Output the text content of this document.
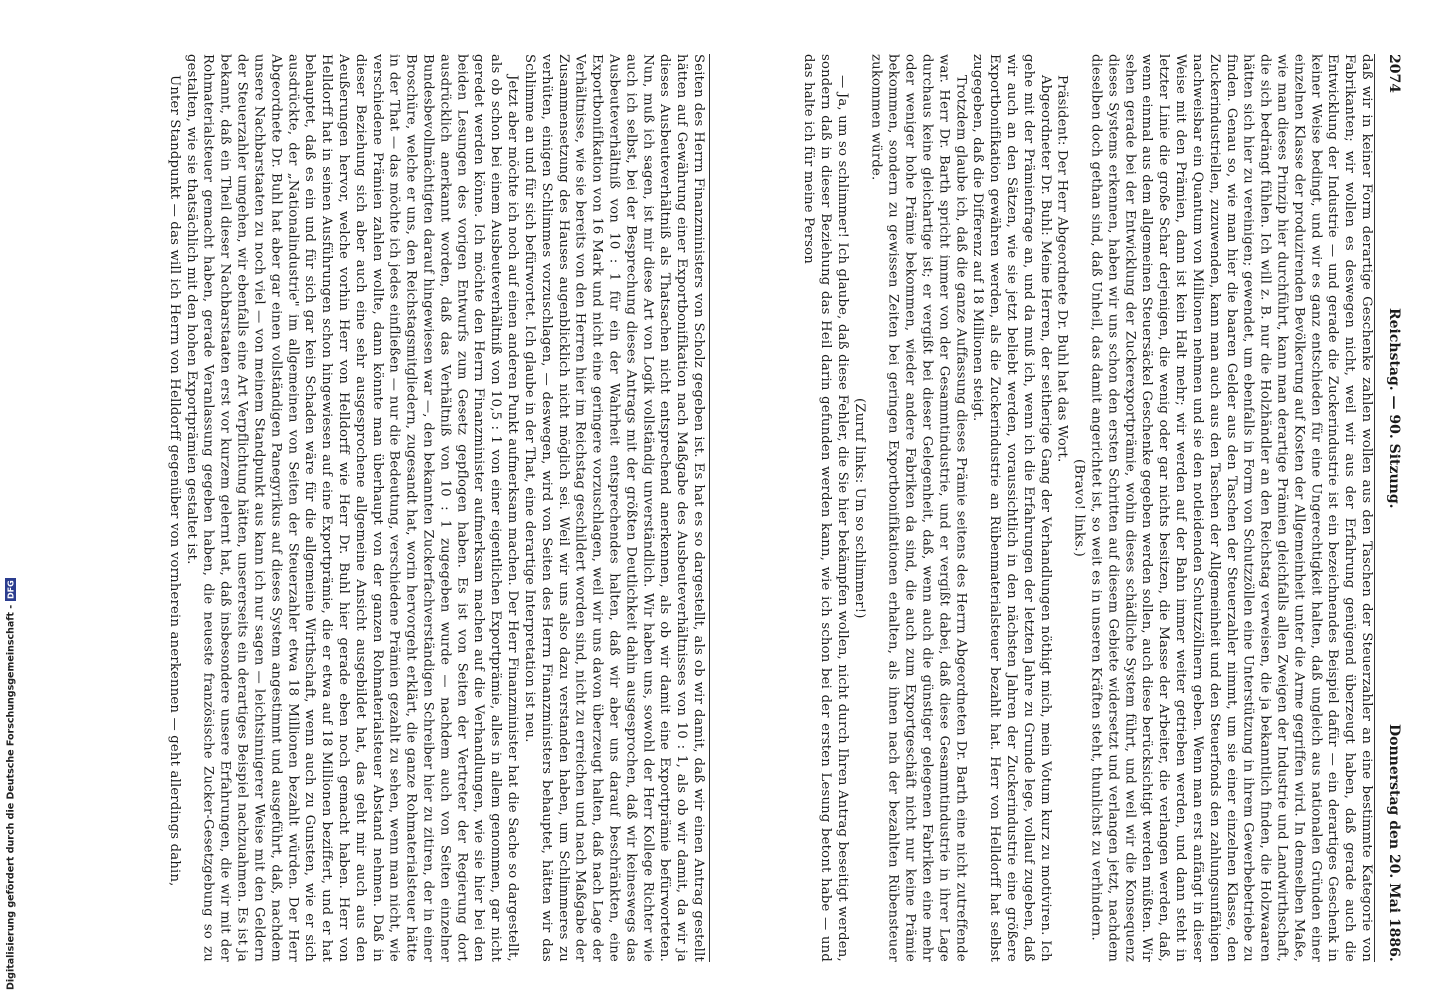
Digitalisierung gefördert durch die Deutsche Forschungsgemeinschaft -
DFG
2074
Reichstag. — 90. Sitzung.
Donnerstag den 20. Mai 1886.

daß wir in keiner Form derartige Geschenke zahlen wollen aus den Taschen der Steuerzahler an eine bestimmte Kategorie von Fabrikanten; wir wollen es deswegen nicht, weil wir aus der Erfahrung genügend überzeugt haben, daß gerade auch die Entwicklung der Industrie — und gerade die Zuckerindustrie ist ein bezeichnendes Beispiel dafür — ein derartiges Geschenk in keiner Weise bedingt, und wir es ganz entschieden für eine Ungerechtigkeit halten, daß ungleich aus nationalen Gründen einer einzelnen Klasse der produzirenden Bevölkerung auf Kosten der Allgemeinheit unter die Arme gegriffen wird. In demselben Maße, wie man dieses Prinzip hier durchführt, kann man derartige Prämien gleichfalls allen Zweigen der Industrie und Landwirthschaft, die sich bedrängt fühlen. Ich will z. B. nur die Holzhändler an den Reichstag verweisen, die ja bekanntlich finden, die Holzwaaren hätten sich hier zu vereinigen; gewendet, um ebenfalls in Form von Schutzzöllen eine Unterstützung in ihrem Gewerbebetriebe zu finden. Genau so, wie man hier die baaren Gelder aus den Taschen der Steuerzahler nimmt, um sie einer einzelnen Klasse, den Zuckerindustriellen, zuzuwenden, kann man auch aus den Taschen der Allgemeinheit und den Steuerfonds den zahlungsunfähigen nachweisbar ein Quantum von Millionen nehmen und sie den notleidenden Schutzzöllnern geben. Wenn man erst anfängt in dieser Weise mit den Prämien, dann ist kein Halt mehr; wir werden auf der Bahn immer weiter getrieben werden, und dann steht in letzter Linie die große Schar derjenigen, die wenig oder gar nichts besitzen, die Masse der Arbeiter, die verlangen werden, daß, wenn einmal aus dem allgemeinen Steuersäckel Geschenke gegeben werden sollen, auch diese berücksichtigt werden müßten. Wir sehen gerade bei der Entwicklung der Zuckerexportprämie, wohin dieses schädliche System führt, und weil wir die Konsequenz dieses Systems erkennen, haben wir uns schon den ersten Schritten auf diesem Gebiete widersetzt und verlangen jetzt, nachdem dieselben doch gethan sind, daß Unheil, das damit angerichtet ist, so weit es in unseren Kräften steht, thunlichst zu verhindern.

(Bravo! links.)

Präsident: Der Herr Abgeordnete Dr. Buhl hat das Wort.

Abgeordneter Dr. Buhl: Meine Herren, der seitherige Gang der Verhandlungen nöthigt mich, mein Votum kurz zu motiviren. Ich gehe mit der Prämienfrage an, und da muß ich, wenn ich die Erfahrungen der letzten Jahre zu Grunde lege, vollauf zugeben, daß wir auch an den Sätzen, wie sie jetzt beliebt werden, voraussichtlich in den nächsten Jahren der Zuckerindustrie eine größere Exportbonifikation gewähren werden, als die Zuckerindustrie an Rübenmaterialsteuer bezahlt hat. Herr von Helldorff hat selbst zugegeben, daß die Differenz auf 18 Millionen steigt.

Trotzdem glaube ich, daß die ganze Auffassung dieses Prämie seitens des Herrn Abgeordneten Dr. Barth eine nicht zutreffende war. Herr Dr. Barth spricht immer von der Gesammtindustrie, und er vergißt dabei, daß diese Gesammtindustrie in ihrer Lage durchaus keine gleichartige ist; er vergißt bei dieser Gelegenheit, daß, wenn auch die günstiger gelegenen Fabriken eine mehr oder weniger hohe Prämie bekommen, wieder andere Fabriken da sind, die auch zum Exportgeschäft nicht nur keine Prämie bekommen, sondern zu gewissen Zeiten bei geringen Exportbonifikationen erhalten, als ihnen nach der bezahlten Rübensteuer zukommen würde.

(Zuruf links: Um so schlimmer!)

— Ja, um so schlimmer! Ich glaube, daß diese Fehler, die Sie hier bekämpfen wollen, nicht durch Ihren Antrag beseitigt werden, sondern daß in dieser Beziehung das Heil darin gefunden werden kann, wie ich schon bei der ersten Lesung betont habe — und das halte ich für meine Person

Seiten des Herrn Finanzministers von Scholz gegeben ist. Es hat es so dargestellt, als ob wir damit, daß wir einen Antrag gestellt hätten auf Gewährung einer Exportbonifikation nach Maßgabe des Ausbeuteverhältnisses von 10 : 1, als ob wir damit, da wir ja dieses Ausbeuteverhältniß als Thatsachen nicht entsprechend anerkennen, als ob wir damit eine Exportprämie befürworteten. Nun, muß ich sagen, ist mir diese Art von Logik vollständig unverständlich. Wir haben uns, sowohl der Herr Kollege Richter wie auch ich selbst, bei der Besprechung dieses Antrags mit der größten Deutlichkeit dahin ausgesprochen, daß wir keineswegs das Ausbeuteverhältniß von 10 : 1 für ein der Wahrheit entsprechendes halten, daß wir aber uns darauf beschränkten, eine Exportbonifikation von 16 Mark und nicht eine geringere vorzuschlagen, weil wir uns davon überzeugt halten, daß nach Lage der Verhältnisse, wie sie bereits von den Herren hier im Reichstag geschildert worden sind, nicht zu erreichen und nach Maßgabe der Zusammensetzung des Hauses augenblicklich nicht möglich sei. Weil wir uns also dazu verstanden haben, um Schlimmeres zu verhüten, einigen Schlimmes vorzuschlagen, — deswegen, wird von Seiten des Herrn Finanzministers behauptet, hätten wir das Schlimme an und für sich befürwortet. Ich glaube in der That, eine derartige Interpretation ist neu.

Jetzt aber möchte ich noch auf einen anderen Punkt aufmerksam machen. Der Herr Finanzminister hat die Sache so dargestellt, als ob schon bei einem Ausbeuteverhältniß von 10,5 : 1 von einer eigentlichen Exportprämie, alles in allem genommen, gar nicht geredet werden könne. Ich möchte den Herrn Finanzminister aufmerksam machen auf die Verhandlungen, wie sie hier bei den beiden Lesungen des vorigen Entwurfs zum Gesetz gepflogen haben. Es ist von Seiten der Vertreter der Regierung dort ausdrücklich anerkannt worden, daß das Verhältniß von 10 : 1 zugegeben wurde — nachdem auch von Seiten einzelner Bundesbevollmächtigten darauf hingewiesen war —, den bekannten Zuckerfachverständigen Schreiber hier zu zitiren, der in einer Broschüre, welche er uns, den Reichstagsmitgliedern, zugesandt hat, worin hervorgeht erklärt, die ganze Rohmaterialsteuer hätte in der That — das möchte ich jedes einfließen — nur die Bedeutung, verschiedene Prämien gezahlt zu sehen, wenn man nicht, wie verschiedene Prämien zahlen wollte, dann könnte man überhaupt von der ganzen Rohmaterialsteuer Abstand nehmen. Daß in dieser Beziehung sich aber auch eine sehr ausgesprochene allgemeine Ansicht ausgebildet hat, das geht mir auch aus den Aeußerungen hervor, welche vorhin Herr von Helldorff wie Herr Dr. Buhl hier gerade eben noch gemacht haben. Herr von Helldorff hat in seinen Ausführungen schon hingewiesen auf eine Exportprämie, die er etwa auf 18 Millionen beziffert, und er hat behauptet, daß es ein und für sich gar kein Schaden wäre für die allgemeine Wirthschaft, wenn auch zu Gunsten, wie er sich ausdrückte, der „Nationalindustrie" im allgemeinen von Seiten der Steuerzahler etwa 18 Millionen bezahlt würden. Der Herr Abgeordnete Dr. Buhl hat aber gar einen vollständigen Panegyrikus auf dieses System angestimmt und ausgeführt, daß, nachdem unsere Nachbarstaaten zu noch viel — von meinem Standpunkt aus kann ich nur sagen — leichtsinnigerer Weise mit den Geldern der Steuerzahler umgehen, wir ebenfalls eine Art Verpflichtung hätten, unsererseits ein derartiges Beispiel nachzuahmen. Es ist ja bekannt, daß ein Theil dieser Nachbarstaaten erst vor kurzem gelernt hat, daß insbesondere unsere Erfahrungen, die wir mit der Rohmaterialsteuer gemacht haben, gerade Veranlassung gegeben haben, die neueste französische Zucker-Gesetzgebung so zu gestalten, wie sie thatsächlich mit den hohen Exportprämien gestaltet ist.

Unter Standpunkt — das will ich Herrn von Helldorff gegenüber von vornherein anerkennen — geht allerdings dahin,
